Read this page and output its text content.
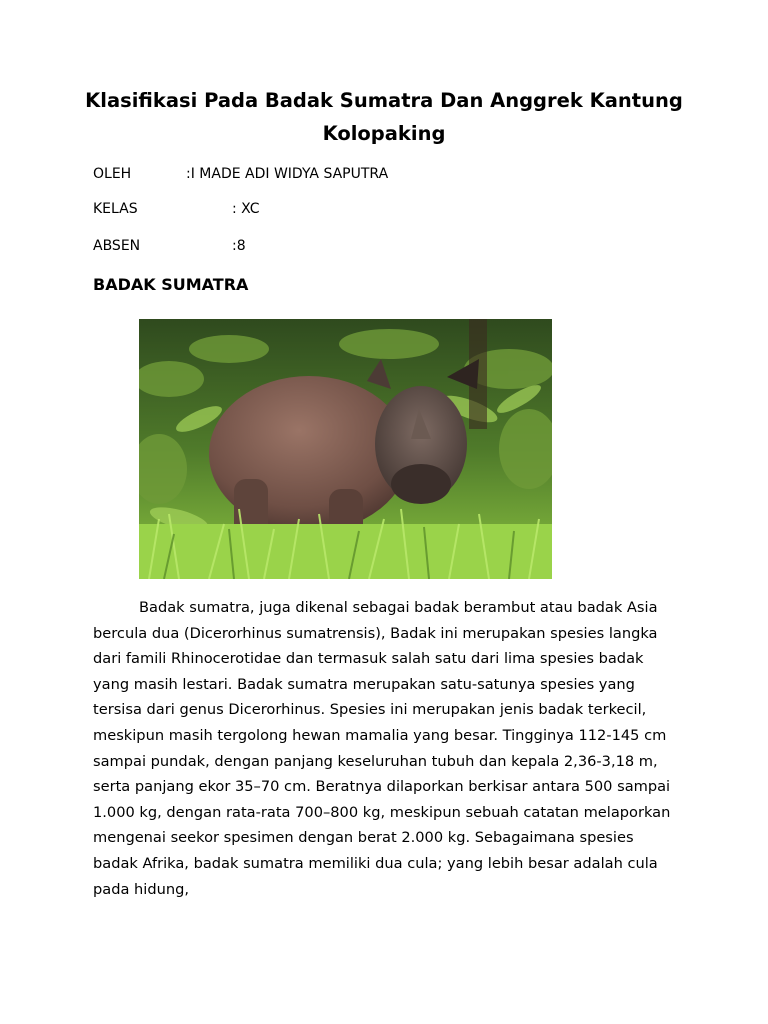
Klasifikasi Pada Badak Sumatra Dan Anggrek Kantung Kolopaking
OLEH	:I MADE ADI WIDYA SAPUTRA
KELAS	: XC
ABSEN	:8
BADAK SUMATRA

Badak sumatra, juga dikenal sebagai badak berambut atau badak Asia bercula dua (Dicerorhinus sumatrensis), Badak ini merupakan spesies langka dari famili Rhinocerotidae dan termasuk salah satu dari lima spesies badak yang masih lestari. Badak sumatra merupakan satu-satunya spesies yang tersisa dari genus Dicerorhinus. Spesies ini merupakan jenis badak terkecil, meskipun masih tergolong hewan mamalia yang besar. Tingginya 112-145 cm sampai pundak, dengan panjang keseluruhan tubuh dan kepala 2,36-3,18 m, serta panjang ekor 35–70 cm. Beratnya dilaporkan berkisar antara 500 sampai 1.000 kg, dengan rata-rata 700–800 kg, meskipun sebuah catatan melaporkan mengenai seekor spesimen dengan berat 2.000 kg. Sebagaimana spesies badak Afrika, badak sumatra memiliki dua cula; yang lebih besar adalah cula pada hidung,
